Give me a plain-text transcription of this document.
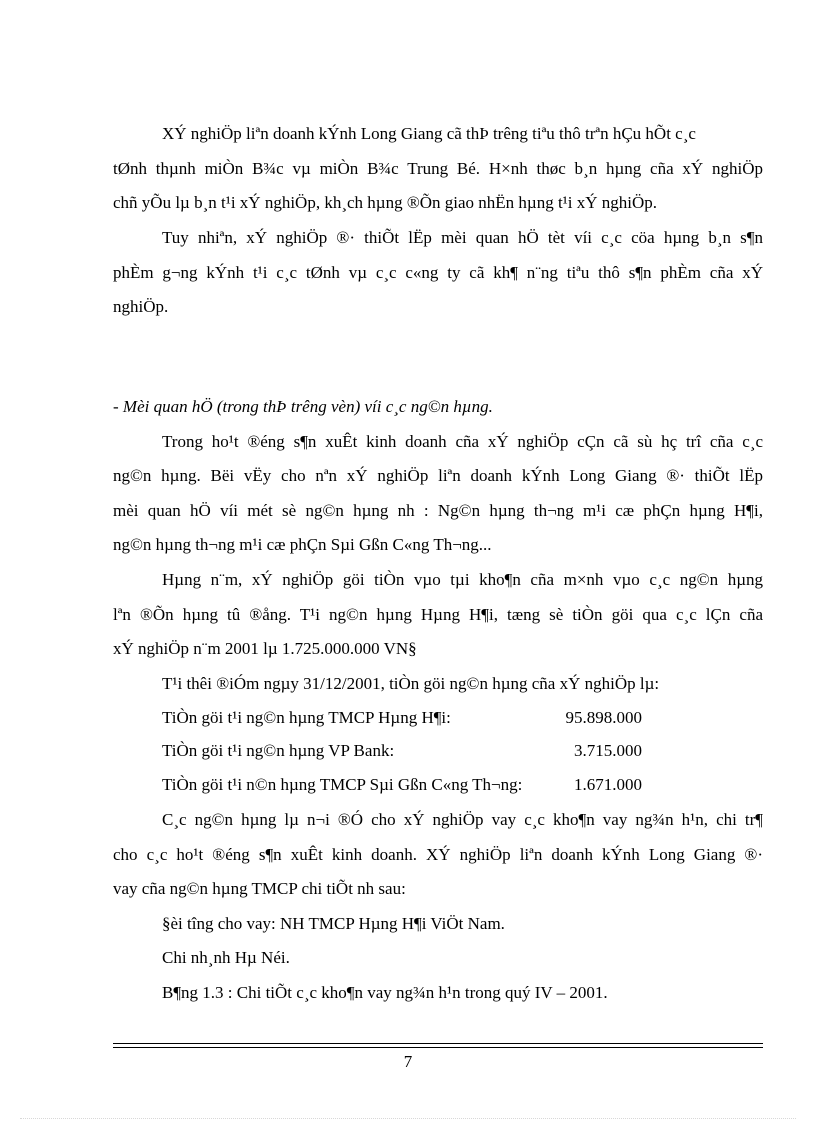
XÝ nghiÖp liªn doanh kÝnh Long Giang cã thÞ trêng tiªu thô trªn hÇu hÕt c¸c
tØnh thµnh miÒn B¾c vµ miÒn B¾c Trung Bé. H×nh thøc b¸n hµng cña xÝ nghiÖp
chñ yÕu lµ b¸n t¹i xÝ nghiÖp, kh¸ch hµng ®Õn giao nhËn hµng t¹i xÝ nghiÖp.
Tuy nhiªn, xÝ nghiÖp ®· thiÕt lËp mèi quan hÖ tèt víi c¸c cöa hµng b¸n s¶n
phÈm g¬ng kÝnh t¹i c¸c tØnh vµ c¸c c«ng ty cã kh¶ n¨ng tiªu thô s¶n phÈm cña xÝ
nghiÖp.
- Mèi quan hÖ (trong thÞ trêng vèn) víi c¸c ng©n hµng.
Trong ho¹t ®éng s¶n xuÊt kinh doanh cña xÝ nghiÖp cÇn cã sù hç trî cña c¸c
ng©n hµng. Bëi vËy cho nªn xÝ nghiÖp liªn doanh kÝnh Long Giang ®· thiÕt lËp
mèi quan hÖ víi mét sè ng©n hµng nh : Ng©n hµng th¬ng m¹i cæ phÇn hµng H¶i,
ng©n hµng th¬ng m¹i cæ phÇn Sµi Gßn C«ng Th¬ng...
Hµng n¨m, xÝ nghiÖp göi tiÒn vµo tµi kho¶n cña m×nh vµo c¸c ng©n hµng
lªn ®Õn hµng tû ®ång. T¹i ng©n hµng Hµng H¶i, tæng sè tiÒn göi qua c¸c lÇn cña
xÝ nghiÖp n¨m 2001 lµ 1.725.000.000 VN§
T¹i thêi ®iÓm ngµy 31/12/2001, tiÒn göi ng©n hµng cña xÝ nghiÖp lµ:
TiÒn göi t¹i ng©n hµng TMCP Hµng H¶i:	95.898.000
TiÒn göi t¹i ng©n hµng VP Bank:	3.715.000
TiÒn göi t¹i n©n hµng TMCP Sµi Gßn C«ng Th¬ng:	1.671.000
C¸c ng©n hµng lµ n¬i ®Ó cho xÝ nghiÖp vay c¸c kho¶n vay ng¾n h¹n, chi tr¶
cho c¸c ho¹t ®éng s¶n xuÊt kinh doanh. XÝ nghiÖp liªn doanh kÝnh Long Giang ®·
vay cña ng©n hµng TMCP chi tiÕt nh sau:
§èi tîng cho vay: NH TMCP Hµng H¶i ViÖt Nam.
Chi nh¸nh Hµ Néi.
B¶ng 1.3 : Chi tiÕt c¸c kho¶n vay ng¾n h¹n trong quý IV – 2001.
7
